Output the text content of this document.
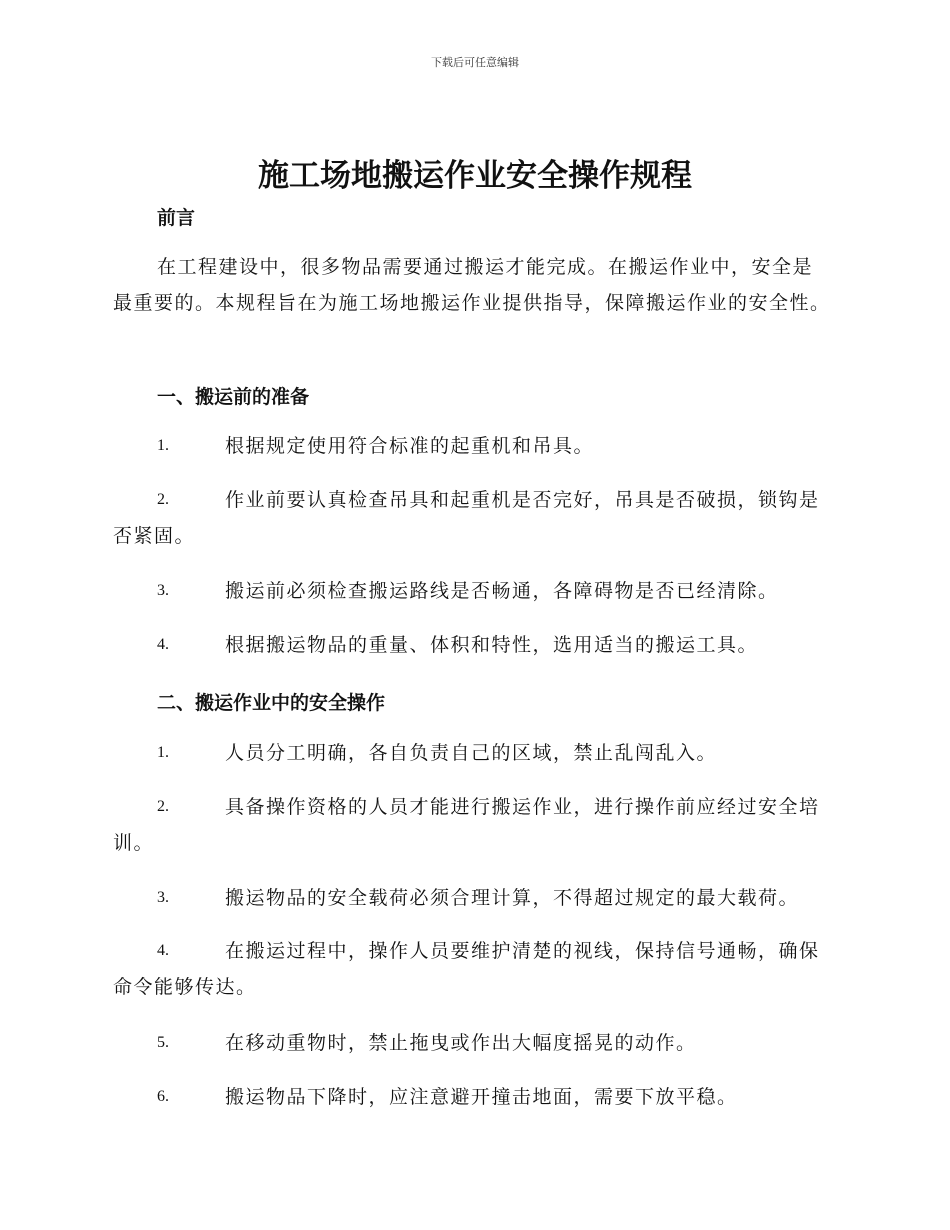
下载后可任意编辑
施工场地搬运作业安全操作规程
前言
在工程建设中，很多物品需要通过搬运才能完成。在搬运作业中，安全是最重要的。本规程旨在为施工场地搬运作业提供指导，保障搬运作业的安全性。
一、搬运前的准备
1.	根据规定使用符合标准的起重机和吊具。
2.	作业前要认真检查吊具和起重机是否完好，吊具是否破损，锁钩是否紧固。
3.	搬运前必须检查搬运路线是否畅通，各障碍物是否已经清除。
4.	根据搬运物品的重量、体积和特性，选用适当的搬运工具。
二、搬运作业中的安全操作
1.	人员分工明确，各自负责自己的区域，禁止乱闯乱入。
2.	具备操作资格的人员才能进行搬运作业，进行操作前应经过安全培训。
3.	搬运物品的安全载荷必须合理计算，不得超过规定的最大载荷。
4.	在搬运过程中，操作人员要维护清楚的视线，保持信号通畅，确保命令能够传达。
5.	在移动重物时，禁止拖曳或作出大幅度摇晃的动作。
6.	搬运物品下降时，应注意避开撞击地面，需要下放平稳。
